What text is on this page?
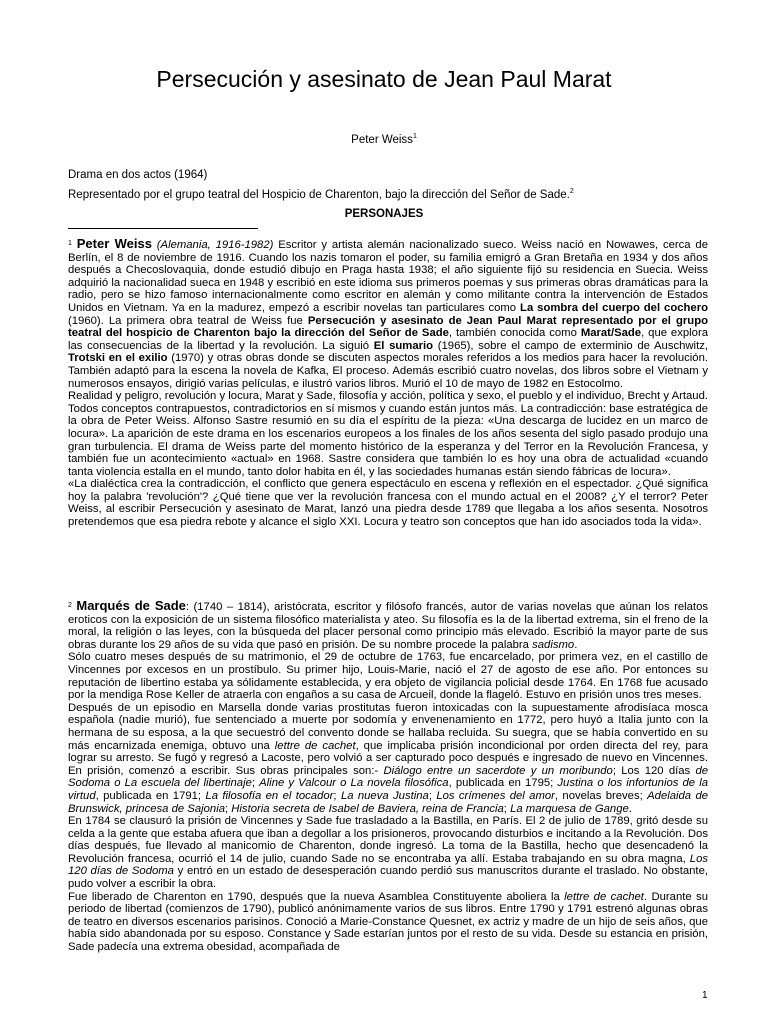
Persecución y asesinato de Jean Paul Marat
Peter Weiss$^1$
Drama en dos actos (1964)
Representado por el grupo teatral del Hospicio de Charenton, bajo la dirección del Señor de Sade.$^2$
PERSONAJES

$^1$ Peter Weiss (Alemania, 1916-1982) Escritor y artista alemán nacionalizado sueco. Weiss nació en Nowawes, cerca de Berlín, el 8 de noviembre de 1916. Cuando los nazis tomaron el poder, su familia emigró a Gran Bretaña en 1934 y dos años después a Checoslovaquia, donde estudió dibujo en Praga hasta 1938; el año siguiente fijó su residencia en Suecia. Weiss adquirió la nacionalidad sueca en 1948 y escribió en este idioma sus primeros poemas y sus primeras obras dramáticas para la radio, pero se hizo famoso internacionalmente como escritor en alemán y como militante contra la intervención de Estados Unidos en Vietnam. Ya en la madurez, empezó a escribir novelas tan particulares como La sombra del cuerpo del cochero (1960). La primera obra teatral de Weiss fue Persecución y asesinato de Jean Paul Marat representado por el grupo teatral del hospicio de Charenton bajo la dirección del Señor de Sade, también conocida como Marat/Sade, que explora las consecuencias de la libertad y la revolución. La siguió El sumario (1965), sobre el campo de exterminio de Auschwitz, Trotski en el exilio (1970) y otras obras donde se discuten aspectos morales referidos a los medios para hacer la revolución. También adaptó para la escena la novela de Kafka, El proceso. Además escribió cuatro novelas, dos libros sobre el Vietnam y numerosos ensayos, dirigió varias películas, e ilustró varios libros. Murió el 10 de mayo de 1982 en Estocolmo.

Realidad y peligro, revolución y locura, Marat y Sade, filosofía y acción, política y sexo, el pueblo y el individuo, Brecht y Artaud. Todos conceptos contrapuestos, contradictorios en sí mismos y cuando están juntos más. La contradicción: base estratégica de la obra de Peter Weiss. Alfonso Sastre resumió en su día el espíritu de la pieza: «Una descarga de lucidez en un marco de locura». La aparición de este drama en los escenarios europeos a los finales de los años sesenta del siglo pasado produjo una gran turbulencia. El drama de Weiss parte del momento histórico de la esperanza y del Terror en la Revolución Francesa, y también fue un acontecimiento «actual» en 1968. Sastre considera que también lo es hoy una obra de actualidad «cuando tanta violencia estalla en el mundo, tanto dolor habita en él, y las sociedades humanas están siendo fábricas de locura».

«La dialéctica crea la contradicción, el conflicto que genera espectáculo en escena y reflexión en el espectador. ¿Qué significa hoy la palabra 'revolución'? ¿Qué tiene que ver la revolución francesa con el mundo actual en el 2008? ¿Y el terror? Peter Weiss, al escribir Persecución y asesinato de Marat, lanzó una piedra desde 1789 que llegaba a los años sesenta. Nosotros pretendemos que esa piedra rebote y alcance el siglo XXI. Locura y teatro son conceptos que han ido asociados toda la vida».

$^2$ Marqués de Sade: (1740 – 1814), aristócrata, escritor y filósofo francés, autor de varias novelas que aúnan los relatos eroticos con la exposición de un sistema filosófico materialista y ateo. Su filosofía es la de la libertad extrema, sin el freno de la moral, la religión o las leyes, con la búsqueda del placer personal como principio más elevado. Escribió la mayor parte de sus obras durante los 29 años de su vida que pasó en prisión. De su nombre procede la palabra sadismo.

Sólo cuatro meses después de su matrimonio, el 29 de octubre de 1763, fue encarcelado, por primera vez, en el castillo de Vincennes por excesos en un prostíbulo. Su primer hijo, Louis-Marie, nació el 27 de agosto de ese año. Por entonces su reputación de libertino estaba ya sólidamente establecida, y era objeto de vigilancia policial desde 1764. En 1768 fue acusado por la mendiga Rose Keller de atraerla con engaños a su casa de Arcueil, donde la flageló. Estuvo en prisión unos tres meses.

Después de un episodio en Marsella donde varias prostitutas fueron intoxicadas con la supuestamente afrodisíaca mosca española (nadie murió), fue sentenciado a muerte por sodomía y envenenamiento en 1772, pero huyó a Italia junto con la hermana de su esposa, a la que secuestró del convento donde se hallaba recluida. Su suegra, que se había convertido en su más encarnizada enemiga, obtuvo una lettre de cachet, que implicaba prisión incondicional por orden directa del rey, para lograr su arresto. Se fugó y regresó a Lacoste, pero volvió a ser capturado poco después e ingresado de nuevo en Vincennes. En prisión, comenzó a escribir. Sus obras principales son:- Diálogo entre un sacerdote y un moribundo; Los 120 días de Sodoma o La escuela del libertinaje; Aline y Valcour o La novela filosófica, publicada en 1795; Justina o los infortunios de la virtud, publicada en 1791; La filosofía en el tocador; La nueva Justina; Los crímenes del amor, novelas breves; Adelaida de Brunswick, princesa de Sajonia; Historia secreta de Isabel de Baviera, reina de Francia; La marquesa de Gange.

En 1784 se clausuró la prisión de Vincennes y Sade fue trasladado a la Bastilla, en París. El 2 de julio de 1789, gritó desde su celda a la gente que estaba afuera que iban a degollar a los prisioneros, provocando disturbios e incitando a la Revolución. Dos días después, fue llevado al manicomio de Charenton, donde ingresó. La toma de la Bastilla, hecho que desencadenó la Revolución francesa, ocurrió el 14 de julio, cuando Sade no se encontraba ya allí. Estaba trabajando en su obra magna, Los 120 días de Sodoma y entró en un estado de desesperación cuando perdió sus manuscritos durante el traslado. No obstante, pudo volver a escribir la obra.

Fue liberado de Charenton en 1790, después que la nueva Asamblea Constituyente aboliera la lettre de cachet. Durante su periodo de libertad (comienzos de 1790), publicó anónimamente varios de sus libros. Entre 1790 y 1791 estrenó algunas obras de teatro en diversos escenarios parisinos. Conoció a Marie-Constance Quesnet, ex actriz y madre de un hijo de seis años, que había sido abandonada por su esposo. Constance y Sade estarían juntos por el resto de su vida. Desde su estancia en prisión, Sade padecía una extrema obesidad, acompañada de

1
